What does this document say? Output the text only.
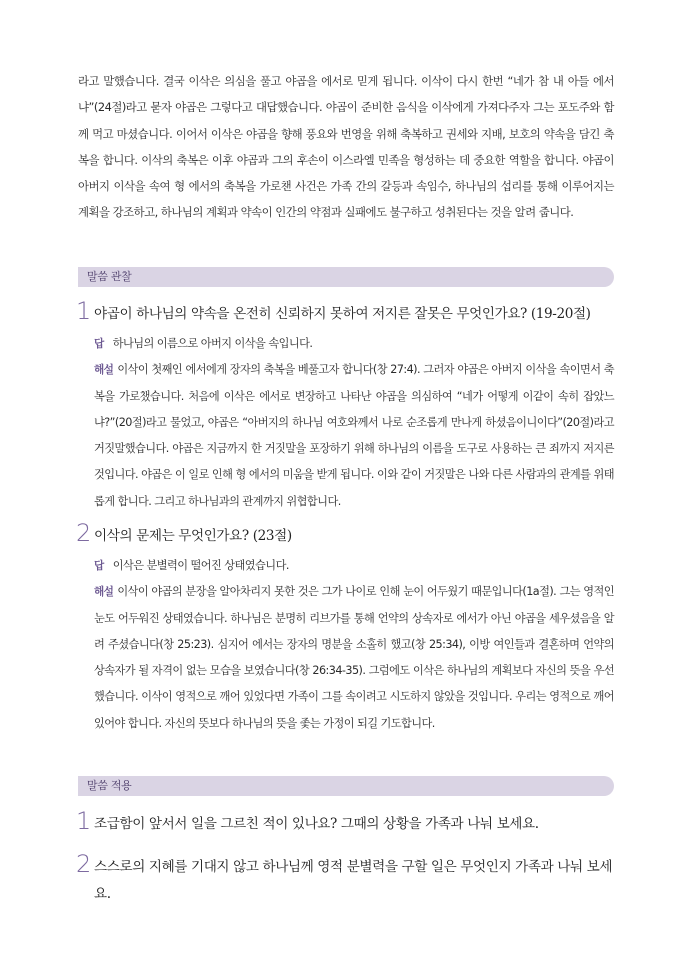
라고 말했습니다. 결국 이삭은 의심을 풀고 야곱을 에서로 믿게 됩니다. 이삭이 다시 한번 “네가 참 내 아들 에서냐”(24절)라고 묻자 야곱은 그렇다고 대답했습니다. 야곱이 준비한 음식을 이삭에게 가져다주자 그는 포도주와 함께 먹고 마셨습니다. 이어서 이삭은 야곱을 향해 풍요와 번영을 위해 축복하고 권세와 지배, 보호의 약속을 담긴 축복을 합니다. 이삭의 축복은 이후 야곱과 그의 후손이 이스라엘 민족을 형성하는 데 중요한 역할을 합니다. 야곱이 아버지 이삭을 속여 형 에서의 축복을 가로챈 사건은 가족 간의 갈등과 속임수, 하나님의 섭리를 통해 이루어지는 계획을 강조하고, 하나님의 계획과 약속이 인간의 약점과 실패에도 불구하고 성취된다는 것을 알려 줍니다.

말씀 관찰
1 야곱이 하나님의 약속을 온전히 신뢰하지 못하여 저지른 잘못은 무엇인가요? (19-20절)
답 하나님의 이름으로 아버지 이삭을 속입니다.
해설 이삭이 첫째인 에서에게 장자의 축복을 베풀고자 합니다(창 27:4). 그러자 야곱은 아버지 이삭을 속이면서 축복을 가로챘습니다. 처음에 이삭은 에서로 변장하고 나타난 야곱을 의심하여 “네가 어떻게 이같이 속히 잡았느냐?”(20절)라고 물었고, 야곱은 “아버지의 하나님 여호와께서 나로 순조롭게 만나게 하셨음이니이다”(20절)라고 거짓말했습니다. 야곱은 지금까지 한 거짓말을 포장하기 위해 하나님의 이름을 도구로 사용하는 큰 죄까지 저지른 것입니다. 야곱은 이 일로 인해 형 에서의 미움을 받게 됩니다. 이와 같이 거짓말은 나와 다른 사람과의 관계를 위태롭게 합니다. 그리고 하나님과의 관계까지 위협합니다.
2 이삭의 문제는 무엇인가요? (23절)
답 이삭은 분별력이 떨어진 상태였습니다.
해설 이삭이 야곱의 분장을 알아차리지 못한 것은 그가 나이로 인해 눈이 어두웠기 때문입니다(1a절). 그는 영적인 눈도 어두워진 상태였습니다. 하나님은 분명히 리브가를 통해 언약의 상속자로 에서가 아닌 야곱을 세우셨음을 알려 주셨습니다(창 25:23). 심지어 에서는 장자의 명분을 소홀히 했고(창 25:34), 이방 여인들과 결혼하며 언약의 상속자가 될 자격이 없는 모습을 보였습니다(창 26:34-35). 그럼에도 이삭은 하나님의 계획보다 자신의 뜻을 우선했습니다. 이삭이 영적으로 깨어 있었다면 가족이 그를 속이려고 시도하지 않았을 것입니다. 우리는 영적으로 깨어 있어야 합니다. 자신의 뜻보다 하나님의 뜻을 좇는 가정이 되길 기도합니다.
말씀 적용
1 조급함이 앞서서 일을 그르친 적이 있나요? 그때의 상황을 가족과 나눠 보세요.
2 스스로의 지혜를 기대지 않고 하나님께 영적 분별력을 구할 일은 무엇인지 가족과 나눠 보세요.
